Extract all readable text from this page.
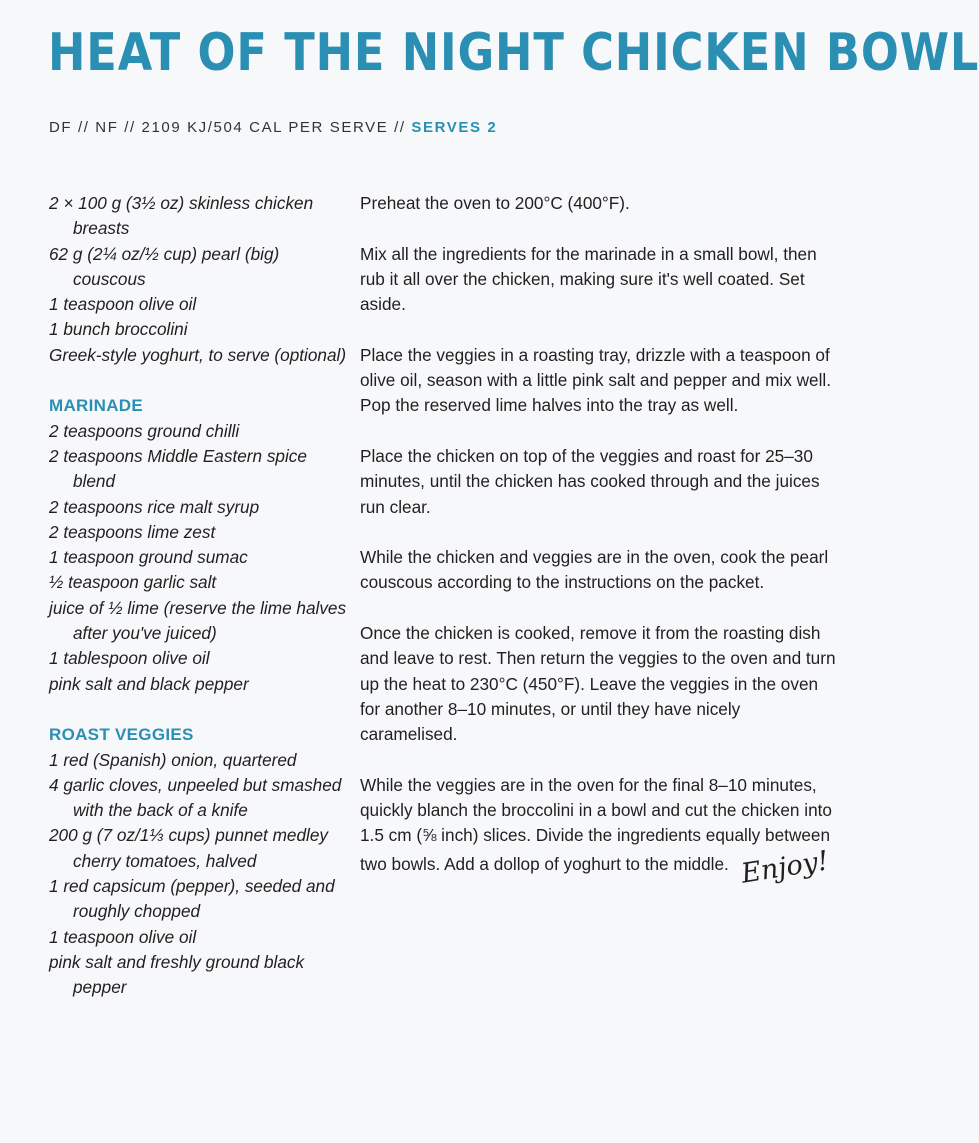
HEAT OF THE NIGHT CHICKEN BOWL
DF // NF // 2109 KJ/504 CAL PER SERVE // SERVES 2
2 × 100 g (3½ oz) skinless chicken breasts
62 g (2¼ oz/½ cup) pearl (big) couscous
1 teaspoon olive oil
1 bunch broccolini
Greek-style yoghurt, to serve (optional)
MARINADE
2 teaspoons ground chilli
2 teaspoons Middle Eastern spice blend
2 teaspoons rice malt syrup
2 teaspoons lime zest
1 teaspoon ground sumac
½ teaspoon garlic salt
juice of ½ lime (reserve the lime halves after you've juiced)
1 tablespoon olive oil
pink salt and black pepper
ROAST VEGGIES
1 red (Spanish) onion, quartered
4 garlic cloves, unpeeled but smashed with the back of a knife
200 g (7 oz/1⅓ cups) punnet medley cherry tomatoes, halved
1 red capsicum (pepper), seeded and roughly chopped
1 teaspoon olive oil
pink salt and freshly ground black pepper

Preheat the oven to 200°C (400°F).

Mix all the ingredients for the marinade in a small bowl, then rub it all over the chicken, making sure it's well coated. Set aside.

Place the veggies in a roasting tray, drizzle with a teaspoon of olive oil, season with a little pink salt and pepper and mix well. Pop the reserved lime halves into the tray as well.

Place the chicken on top of the veggies and roast for 25–30 minutes, until the chicken has cooked through and the juices run clear.

While the chicken and veggies are in the oven, cook the pearl couscous according to the instructions on the packet.

Once the chicken is cooked, remove it from the roasting dish and leave to rest. Then return the veggies to the oven and turn up the heat to 230°C (450°F). Leave the veggies in the oven for another 8–10 minutes, or until they have nicely caramelised.

While the veggies are in the oven for the final 8–10 minutes, quickly blanch the broccolini in a bowl and cut the chicken into 1.5 cm (⅝ inch) slices. Divide the ingredients equally between two bowls. Add a dollop of yoghurt to the middle. Enjoy!
